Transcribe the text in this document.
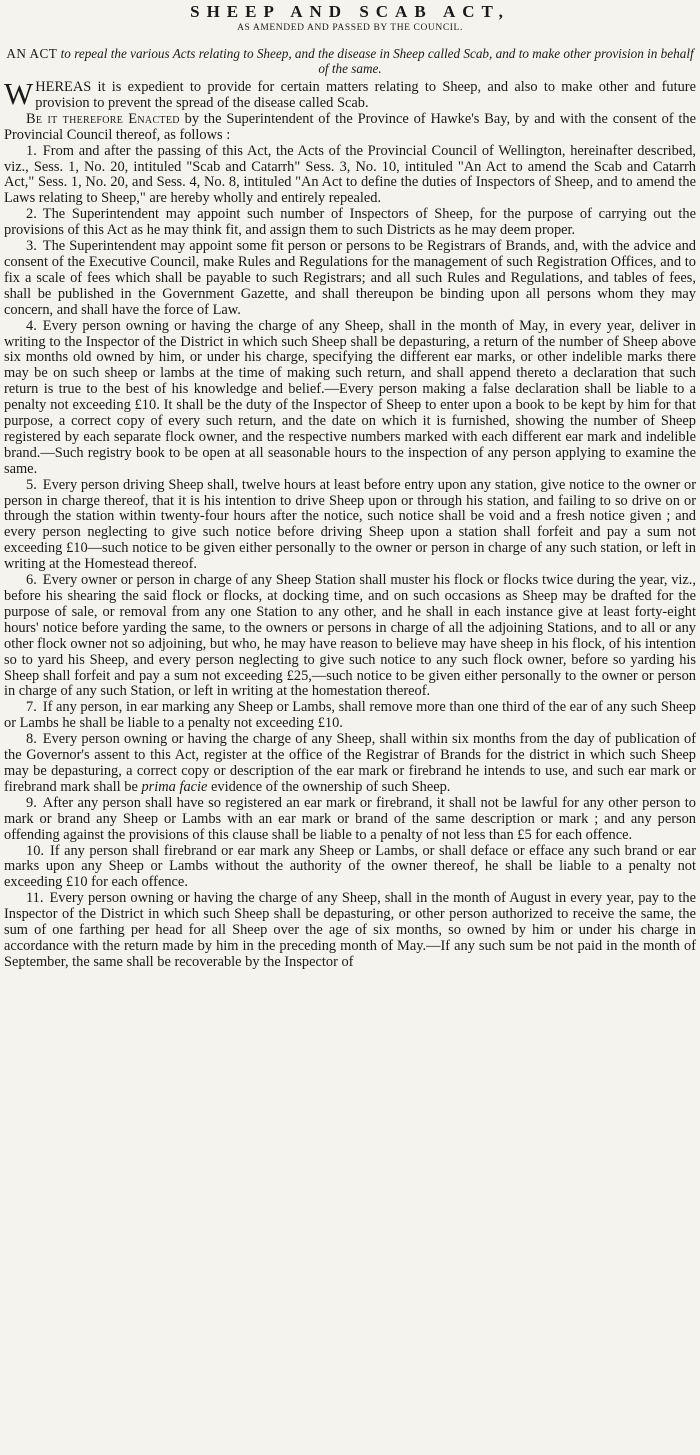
SHEEP AND SCAB ACT,
AS AMENDED AND PASSED BY THE COUNCIL.

AN ACT to repeal the various Acts relating to Sheep, and the disease in Sheep called Scab, and to make other provision in behalf of the same.

WHEREAS it is expedient to provide for certain matters relating to Sheep, and also to make other and future provision to prevent the spread of the disease called Scab.

Be it therefore Enacted by the Superintendent of the Province of Hawke's Bay, by and with the consent of the Provincial Council thereof, as follows :

1. From and after the passing of this Act, the Acts of the Provincial Council of Wellington, hereinafter described, viz., Sess. 1, No. 20, intituled "Scab and Catarrh" Sess. 3, No. 10, intituled "An Act to amend the Scab and Catarrh Act," Sess. 1, No. 20, and Sess. 4, No. 8, intituled "An Act to define the duties of Inspectors of Sheep, and to amend the Laws relating to Sheep," are hereby wholly and entirely repealed.

2. The Superintendent may appoint such number of Inspectors of Sheep, for the purpose of carrying out the provisions of this Act as he may think fit, and assign them to such Districts as he may deem proper.

3. The Superintendent may appoint some fit person or persons to be Registrars of Brands, and, with the advice and consent of the Executive Council, make Rules and Regulations for the management of such Registration Offices, and to fix a scale of fees which shall be payable to such Registrars; and all such Rules and Regulations, and tables of fees, shall be published in the Government Gazette, and shall thereupon be binding upon all persons whom they may concern, and shall have the force of Law.

4. Every person owning or having the charge of any Sheep, shall in the month of May, in every year, deliver in writing to the Inspector of the District in which such Sheep shall be depasturing, a return of the number of Sheep above six months old owned by him, or under his charge, specifying the different ear marks, or other indelible marks there may be on such sheep or lambs at the time of making such return, and shall append thereto a declaration that such return is true to the best of his knowledge and belief.—Every person making a false declaration shall be liable to a penalty not exceeding £10. It shall be the duty of the Inspector of Sheep to enter upon a book to be kept by him for that purpose, a correct copy of every such return, and the date on which it is furnished, showing the number of Sheep registered by each separate flock owner, and the respective numbers marked with each different ear mark and indelible brand.—Such registry book to be open at all seasonable hours to the inspection of any person applying to examine the same.

5. Every person driving Sheep shall, twelve hours at least before entry upon any station, give notice to the owner or person in charge thereof, that it is his intention to drive Sheep upon or through his station, and failing to so drive on or through the station within twenty-four hours after the notice, such notice shall be void and a fresh notice given ; and every person neglecting to give such notice before driving Sheep upon a station shall forfeit and pay a sum not exceeding £10—such notice to be given either personally to the owner or person in charge of any such station, or left in writing at the Homestead thereof.

6. Every owner or person in charge of any Sheep Station shall muster his flock or flocks twice during the year, viz., before his shearing the said flock or flocks, at docking time, and on such occasions as Sheep may be drafted for the purpose of sale, or removal from any one Station to any other, and he shall in each instance give at least forty-eight hours' notice before yarding the same, to the owners or persons in charge of all the adjoining Stations, and to all or any other flock owner not so adjoining, but who, he may have reason to believe may have sheep in his flock, of his intention so to yard his Sheep, and every person neglecting to give such notice to any such flock owner, before so yarding his Sheep shall forfeit and pay a sum not exceeding £25,—such notice to be given either personally to the owner or person in charge of any such Station, or left in writing at the homestation thereof.

7. If any person, in ear marking any Sheep or Lambs, shall remove more than one third of the ear of any such Sheep or Lambs he shall be liable to a penalty not exceeding £10.

8. Every person owning or having the charge of any Sheep, shall within six months from the day of publication of the Governor's assent to this Act, register at the office of the Registrar of Brands for the district in which such Sheep may be depasturing, a correct copy or description of the ear mark or firebrand he intends to use, and such ear mark or firebrand mark shall be prima facie evidence of the ownership of such Sheep.

9. After any person shall have so registered an ear mark or firebrand, it shall not be lawful for any other person to mark or brand any Sheep or Lambs with an ear mark or brand of the same description or mark ; and any person offending against the provisions of this clause shall be liable to a penalty of not less than £5 for each offence.

10. If any person shall firebrand or ear mark any Sheep or Lambs, or shall deface or efface any such brand or ear marks upon any Sheep or Lambs without the authority of the owner thereof, he shall be liable to a penalty not exceeding £10 for each offence.

11. Every person owning or having the charge of any Sheep, shall in the month of August in every year, pay to the Inspector of the District in which such Sheep shall be depasturing, or other person authorized to receive the same, the sum of one farthing per head for all Sheep over the age of six months, so owned by him or under his charge in accordance with the return made by him in the preceding month of May.—If any such sum be not paid in the month of September, the same shall be recoverable by the Inspector of
